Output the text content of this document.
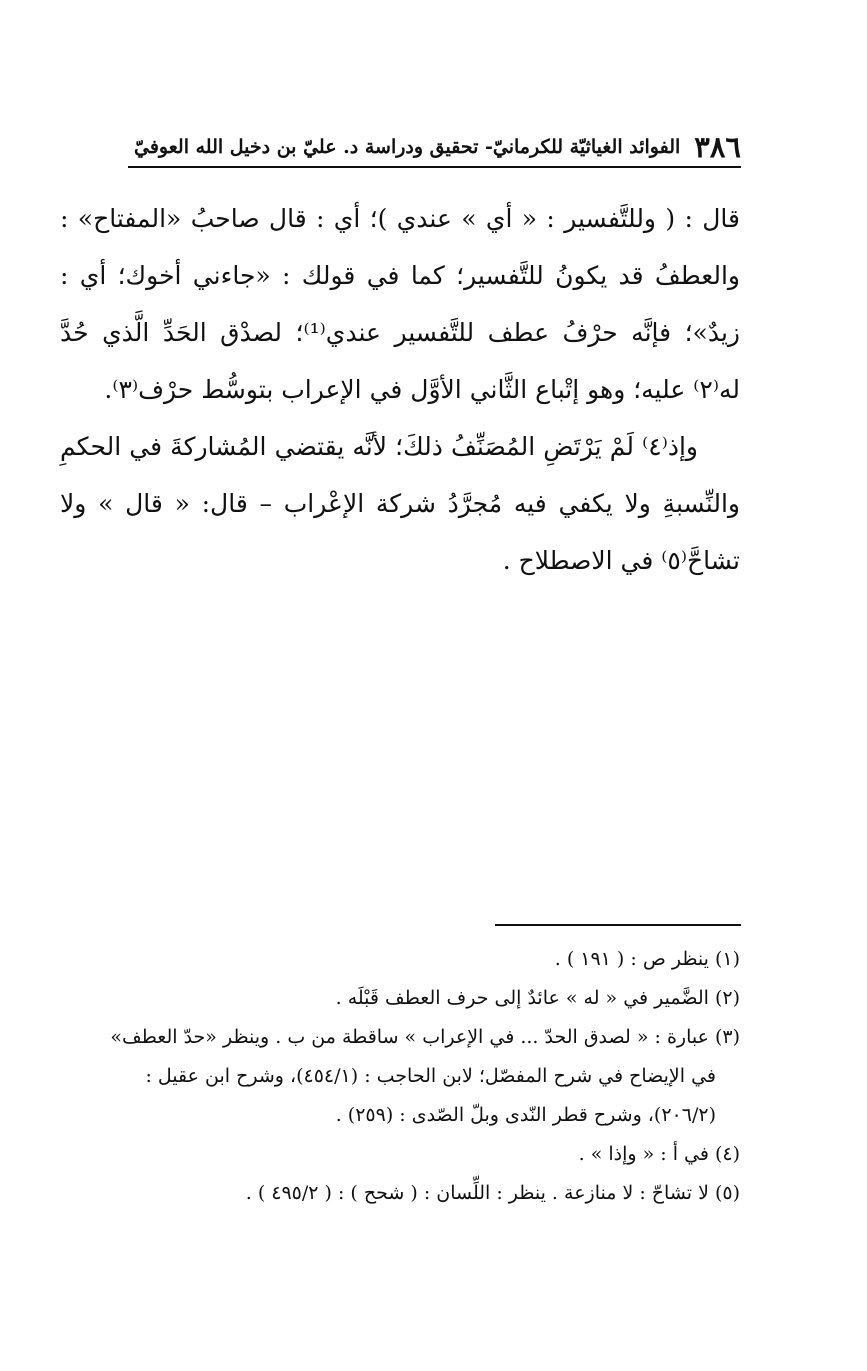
٣٨٦
الفوائد الغياثيّة للكرمانيّ- تحقيق ودراسة د. عليّ بن دخيل الله العوفيّ

قال : ( وللتَّفسير : « أي » عندي )؛ أي : قال صاحبُ «المفتاح» : والعطفُ قد يكونُ للتَّفسير؛ كما في قولك : «جاءني أخوك؛ أي : زيدٌ»؛ فإنَّه حرْفُ عطف للتَّفسير عندي⁽¹⁾؛ لصدْق الحَدِّ الَّذي حُدَّ له⁽٢⁾ عليه؛ وهو إتْباع الثَّاني الأوَّل في الإعراب بتوسُّط حرْف⁽٣⁾.

وإذ⁽٤⁾ لَمْ يَرْتَضِ المُصَنِّفُ ذلكَ؛ لأنَّه يقتضي المُشاركةَ في الحكمِ والنِّسبةِ ولا يكفي فيه مُجرَّدُ شركة الإعْراب – قال: « قال » ولا تشاحَّ⁽٥⁾ في الاصطلاح .

(١)ينظر ص : ( ١٩١ ) .

(٢)الضَّمير في « له » عائدٌ إلى حرف العطف قَبْلَه .

(٣)عبارة : « لصدق الحدّ ... في الإعراب » ساقطة من ب . وينظر «حدّ العطف»

في الإيضاح في شرح المفصّل؛ لابن الحاجب : (٤٥٤/١)، وشرح ابن عقيل :

(٢٠٦/٢)، وشرح قطر النّدى وبلّ الصّدى : (٢٥٩) .

(٤)في أ : « وإذا » .

(٥)لا تشاحّ : لا منازعة . ينظر : اللِّسان : ( شحح ) : ( ٤٩٥/٢ ) .
